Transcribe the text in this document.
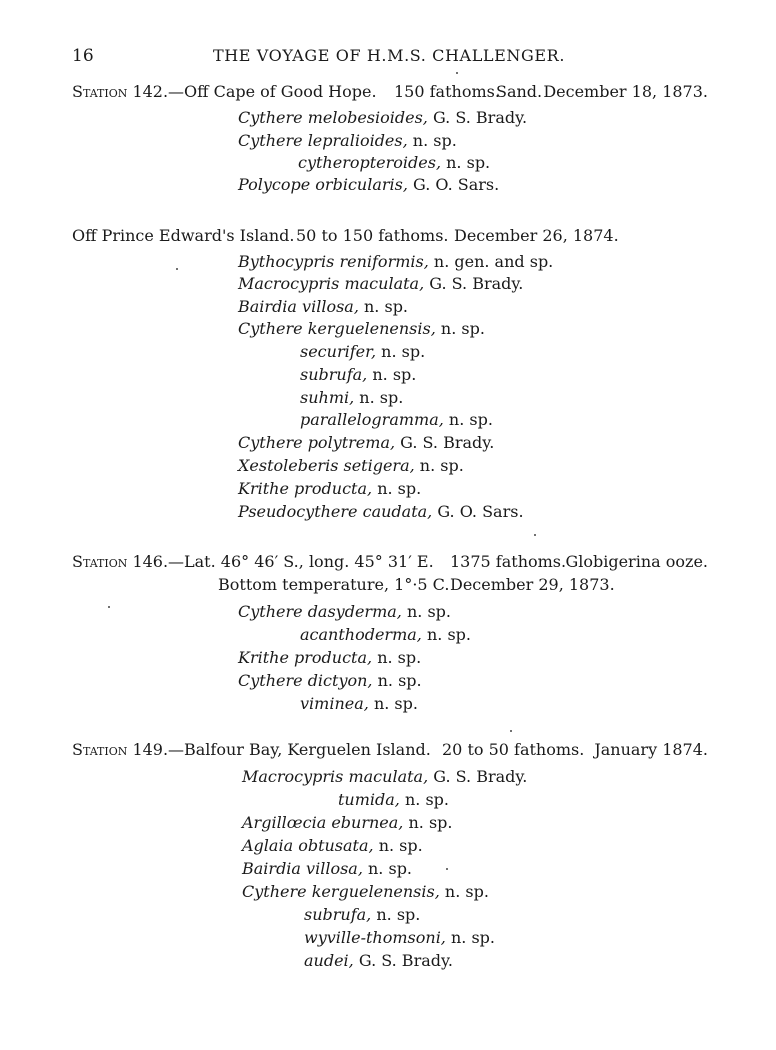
16	THE VOYAGE OF H.M.S. CHALLENGER.
Station 142. —Off Cape of Good Hope. 150 fathoms.
Sand. December 18, 1873.
Cythere melobesioides, G. S. Brady.
Cythere lepralioides, n. sp.
cytheropteroides, n. sp.
Polycope orbicularis, G. O. Sars.
Off Prince Edward's Island. 50 to 150 fathoms. December 26, 1874.
Bythocypris reniformis, n. gen. and sp.
Macrocypris maculata, G. S. Brady.
Bairdia villosa, n. sp.
Cythere kerguelenensis, n. sp.
securifer, n. sp.
subrufa, n. sp.
suhmi, n. sp.
parallelogramma, n. sp.
Cythere polytrema, G. S. Brady.
Xestoleberis setigera, n. sp.
Krithe producta, n. sp.
Pseudocythere caudata, G. O. Sars.
Station 146. —Lat. 46° 46′ S., long. 45° 31′ E. 1375 fathoms. Globigerina ooze.
Bottom temperature, 1°·5 C. December 29, 1873.
Cythere dasyderma, n. sp.
acanthoderma, n. sp.
Krithe producta, n. sp.
Cythere dictyon, n. sp.
viminea, n. sp.
Station 149. —Balfour Bay, Kerguelen Island. 20 to 50 fathoms. January 1874.
Macrocypris maculata, G. S. Brady.
tumida, n. sp.
Argillœcia eburnea, n. sp.
Aglaia obtusata, n. sp.
Bairdia villosa, n. sp.
Cythere kerguelenensis, n. sp.
subrufa, n. sp.
wyville-thomsoni, n. sp.
audei, G. S. Brady.
